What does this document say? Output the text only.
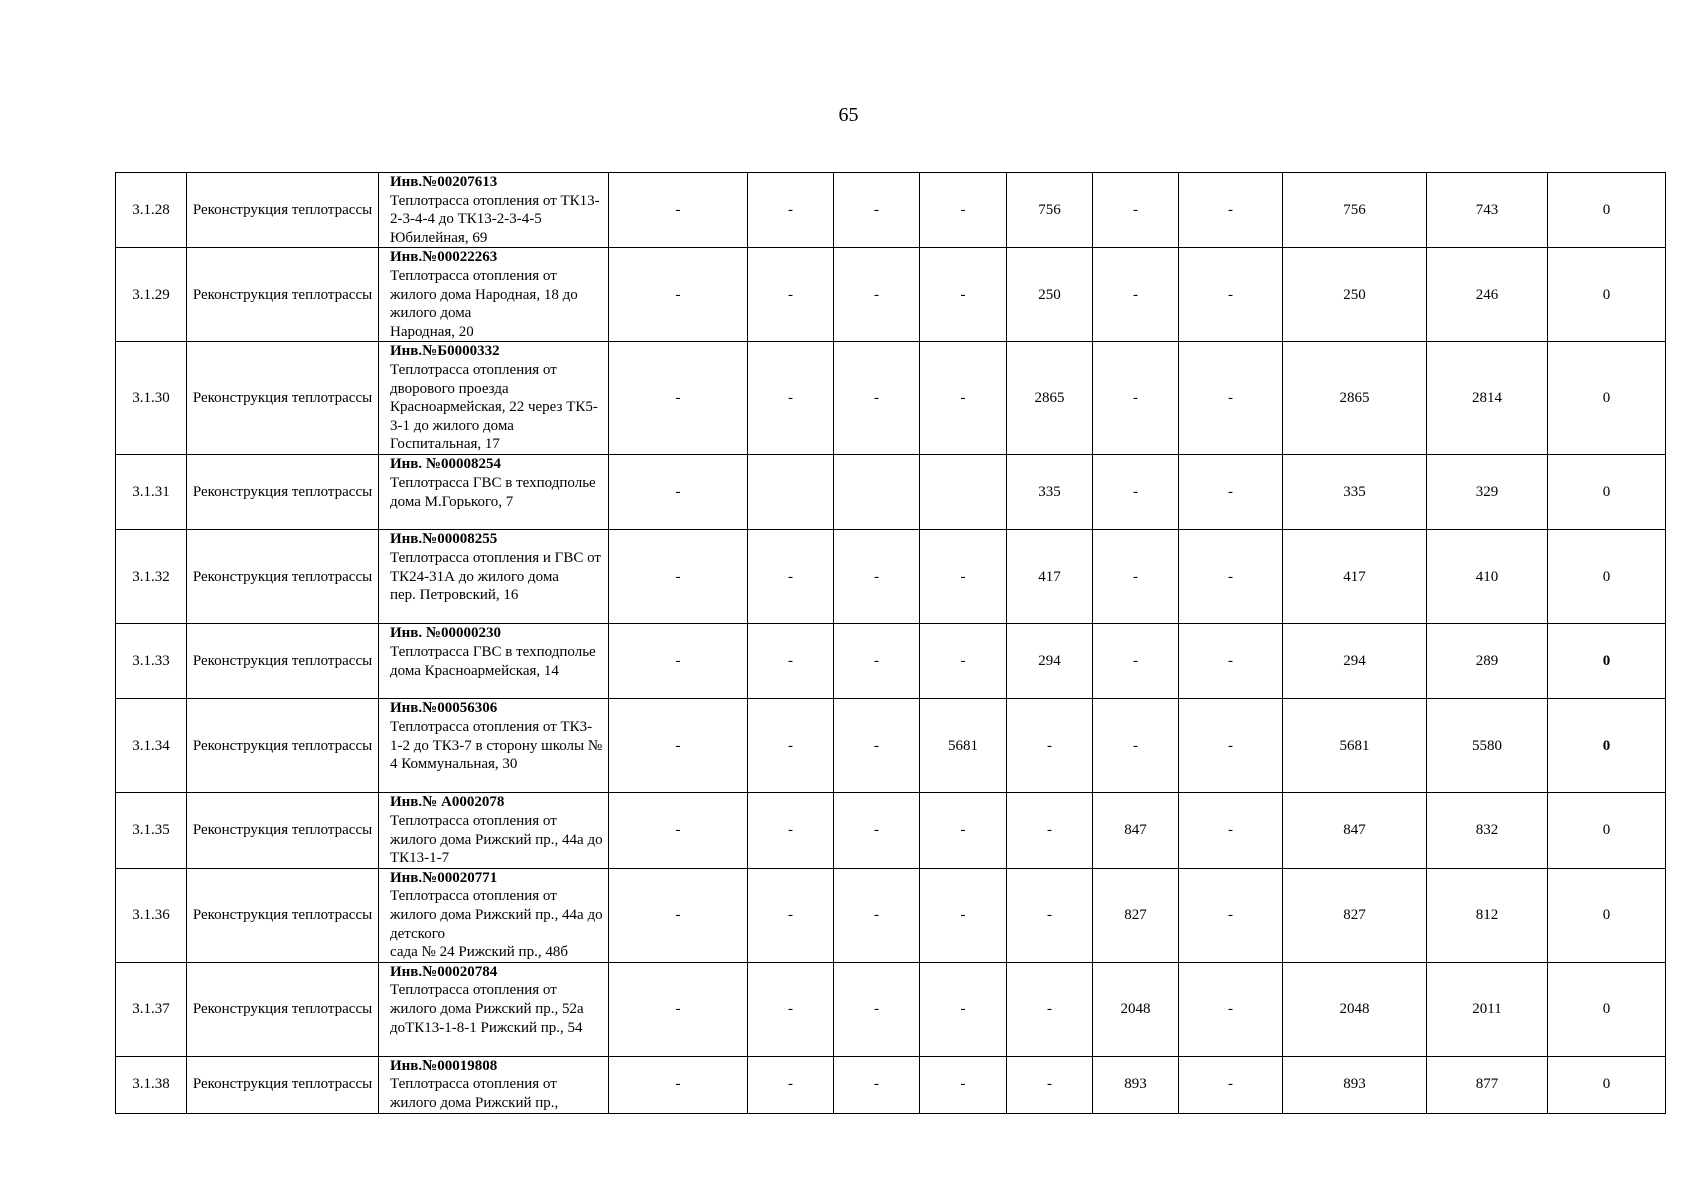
65
3.1.28	Реконструкция теплотрассы	Инв.№00207613
Теплотрасса отопления от ТК13-2-3-4-4 до ТК13-2-3-4-5 Юбилейная, 69	-	-	-	-	756	-	-	756	743	0
3.1.29	Реконструкция теплотрассы	Инв.№00022263
Теплотрасса отопления от жилого дома Народная, 18 до жилого дома
Народная, 20	-	-	-	-	250	-	-	250	246	0
3.1.30	Реконструкция теплотрассы	Инв.№Б0000332
Теплотрасса отопления от дворового проезда Красноармейская, 22 через ТК5-3-1 до жилого дома Госпитальная, 17	-	-	-	-	2865	-	-	2865	2814	0
3.1.31	Реконструкция теплотрассы	Инв. №00008254
Теплотрасса ГВС в техподполье дома М.Горького, 7	-				335	-	-	335	329	0
3.1.32	Реконструкция теплотрассы	Инв.№00008255
Теплотрасса отопления и ГВС от ТК24-31А до жилого дома
пер. Петровский, 16	-	-	-	-	417	-	-	417	410	0
3.1.33	Реконструкция теплотрассы	Инв. №00000230
Теплотрасса ГВС в техподполье дома Красноармейская, 14	-	-	-	-	294	-	-	294	289	0
3.1.34	Реконструкция теплотрассы	Инв.№00056306
Теплотрасса отопления от ТК3-1-2 до ТК3-7 в сторону школы № 4 Коммунальная, 30	-	-	-	5681	-	-	-	5681	5580	0
3.1.35	Реконструкция теплотрассы	Инв.№ А0002078
Теплотрасса отопления от жилого дома Рижский пр., 44а до ТК13-1-7	-	-	-	-	-	847	-	847	832	0
3.1.36	Реконструкция теплотрассы	Инв.№00020771
Теплотрасса отопления от жилого дома Рижский пр., 44а до детского
сада № 24 Рижский пр., 48б	-	-	-	-	-	827	-	827	812	0
3.1.37	Реконструкция теплотрассы	Инв.№00020784
Теплотрасса отопления от жилого дома Рижский пр., 52а доТК13-1-8-1 Рижский пр., 54	-	-	-	-	-	2048	-	2048	2011	0
3.1.38	Реконструкция теплотрассы	Инв.№00019808
Теплотрасса отопления от жилого дома Рижский пр.,	-	-	-	-	-	893	-	893	877	0
